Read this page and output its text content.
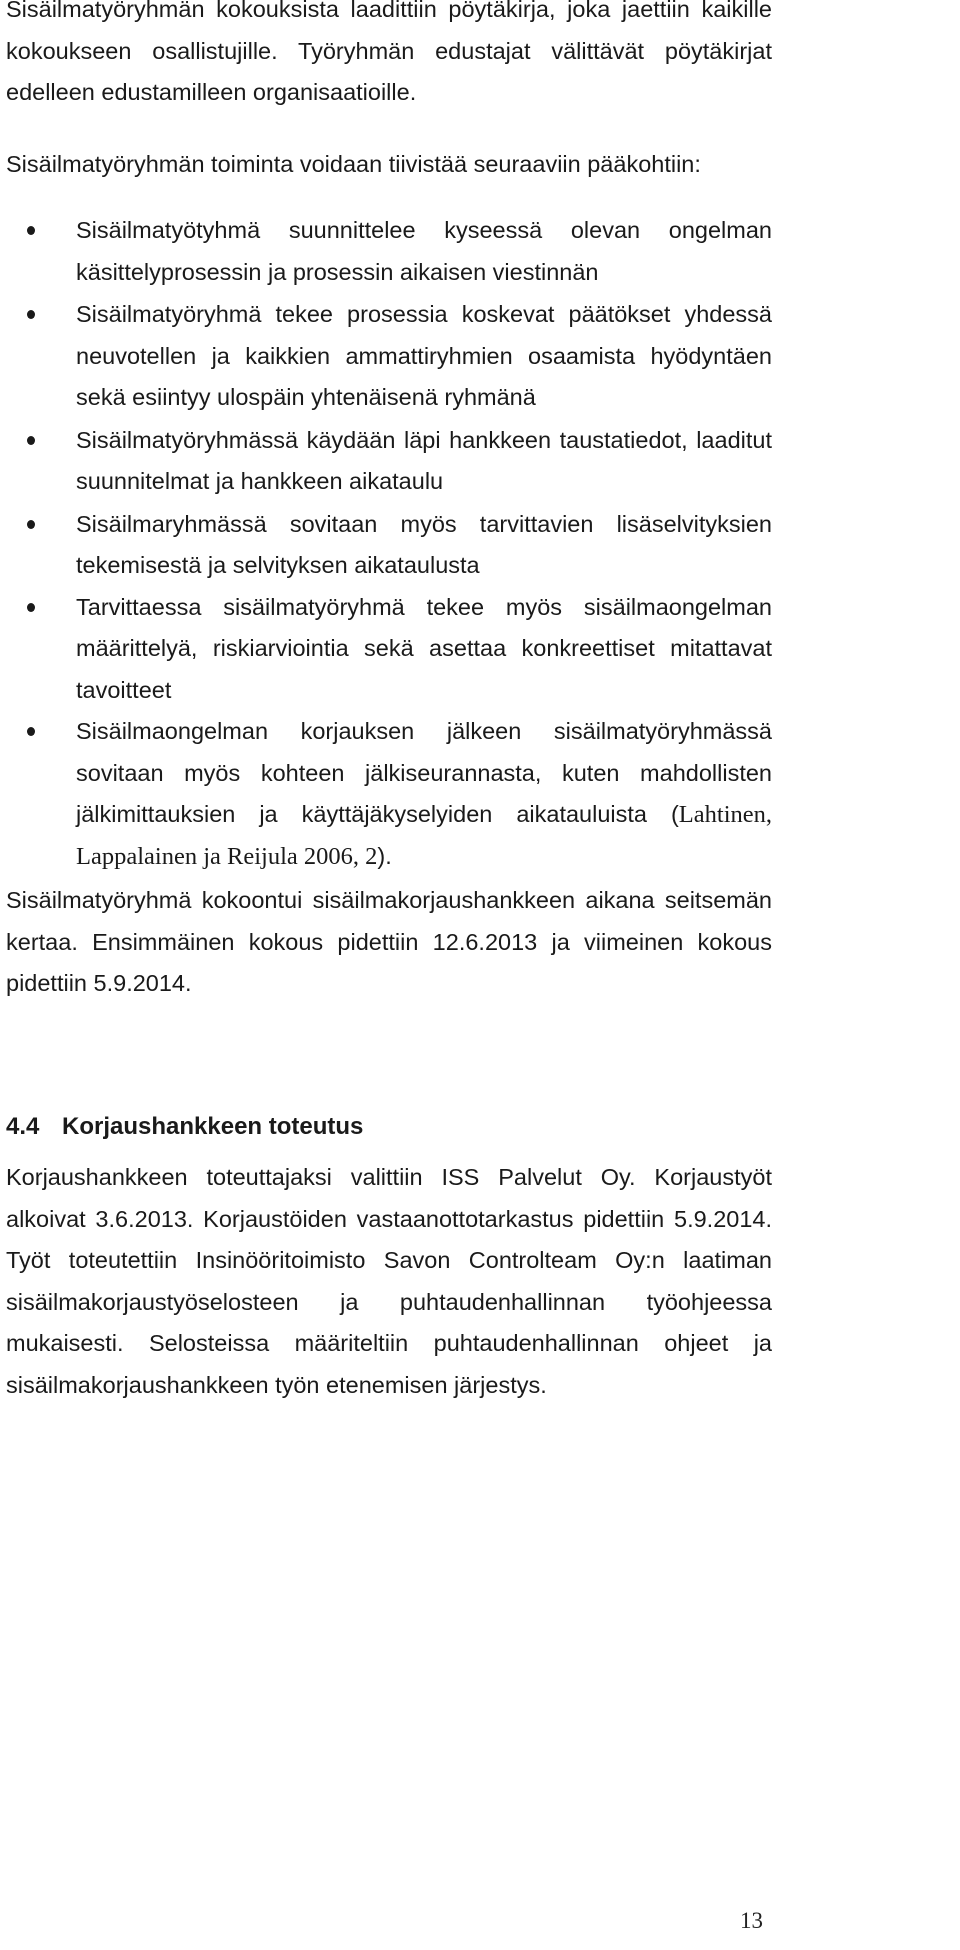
Sisäilmatyöryhmän kokouksista laadittiin pöytäkirja, joka jaettiin kaikille kokoukseen osallistujille. Työryhmän edustajat välittävät pöytäkirjat edelleen edustamilleen organisaatioille.

Sisäilmatyöryhmän toiminta voidaan tiivistää seuraaviin pääkohtiin:

Sisäilmatyötyhmä suunnittelee kyseessä olevan ongelman käsittelyprosessin ja prosessin aikaisen viestinnän
Sisäilmatyöryhmä tekee prosessia koskevat päätökset yhdessä neuvotellen ja kaikkien ammattiryhmien osaamista hyödyntäen sekä esiintyy ulospäin yhtenäisenä ryhmänä
Sisäilmatyöryhmässä käydään läpi hankkeen taustatiedot, laaditut suunnitelmat ja hankkeen aikataulu
Sisäilmaryhmässä sovitaan myös tarvittavien lisäselvityksien tekemisestä ja selvityksen aikataulusta
Tarvittaessa sisäilmatyöryhmä tekee myös sisäilmaongelman määrittelyä, riskiarviointia sekä asettaa konkreettiset mitattavat tavoitteet
Sisäilmaongelman korjauksen jälkeen sisäilmatyöryhmässä sovitaan myös kohteen jälkiseurannasta, kuten mahdollisten jälkimittauksien ja käyttäjäkyselyiden aikatauluista (Lahtinen, Lappalainen ja Reijula 2006, 2).

Sisäilmatyöryhmä kokoontui sisäilmakorjaushankkeen aikana seitsemän kertaa. Ensimmäinen kokous pidettiin 12.6.2013 ja viimeinen kokous pidettiin 5.9.2014.

4.4 Korjaushankkeen toteutus

Korjaushankkeen toteuttajaksi valittiin ISS Palvelut Oy. Korjaustyöt alkoivat 3.6.2013. Korjaustöiden vastaanottotarkastus pidettiin 5.9.2014. Työt toteutettiin Insinööritoimisto Savon Controlteam Oy:n laatiman sisäilmakorjaustyöselosteen ja puhtaudenhallinnan työohjeessa mukaisesti. Selosteissa määriteltiin puhtaudenhallinnan ohjeet ja sisäilmakorjaushankkeen työn etenemisen järjestys.

13
